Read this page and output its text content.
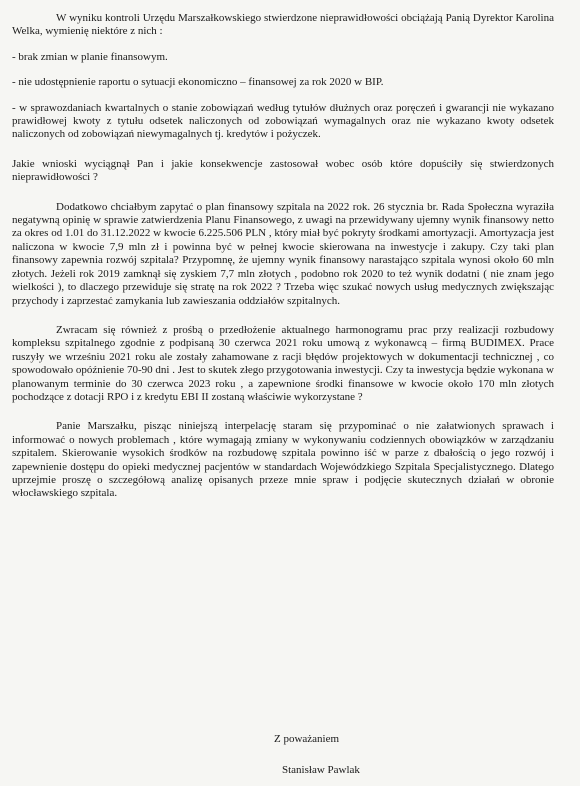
W wyniku kontroli Urzędu Marszałkowskiego stwierdzone nieprawidłowości obciążają Panią Dyrektor Karolina Welka, wymienię niektóre z nich :

- brak zmian w planie finansowym.

- nie udostępnienie raportu o sytuacji ekonomiczno – finansowej za rok 2020 w BIP.

- w sprawozdaniach kwartalnych o stanie zobowiązań według tytułów dłużnych oraz poręczeń i gwarancji nie wykazano prawidłowej kwoty z tytułu odsetek naliczonych od zobowiązań wymagalnych oraz nie wykazano kwoty odsetek naliczonych od zobowiązań niewymagalnych tj. kredytów i pożyczek.

Jakie wnioski wyciągnął Pan i jakie konsekwencje zastosował wobec osób które dopuściły się stwierdzonych nieprawidłowości ?

Dodatkowo chciałbym zapytać o plan finansowy szpitala na 2022 rok. 26 stycznia br. Rada Społeczna wyraziła negatywną opinię w sprawie zatwierdzenia Planu Finansowego, z uwagi na przewidywany ujemny wynik finansowy netto za okres od 1.01 do 31.12.2022 w kwocie 6.225.506 PLN , który miał być pokryty środkami amortyzacji. Amortyzacja jest naliczona w kwocie 7,9 mln zł i powinna być w pełnej kwocie skierowana na inwestycje i zakupy. Czy taki plan finansowy zapewnia rozwój szpitala? Przypomnę, że ujemny wynik finansowy narastająco szpitala wynosi około 60 mln złotych. Jeżeli rok 2019 zamknął się zyskiem 7,7 mln złotych , podobno rok 2020 to też wynik dodatni ( nie znam jego wielkości ), to dlaczego przewiduje się stratę na rok 2022 ? Trzeba więc szukać nowych usług medycznych zwiększając przychody i zaprzestać zamykania lub zawieszania oddziałów szpitalnych.

Zwracam się również z prośbą o przedłożenie aktualnego harmonogramu prac przy realizacji rozbudowy kompleksu szpitalnego zgodnie z podpisaną 30 czerwca 2021 roku umową z wykonawcą – firmą BUDIMEX. Prace ruszyły we wrześniu 2021 roku ale zostały zahamowane z racji błędów projektowych w dokumentacji technicznej , co spowodowało opóźnienie 70-90 dni . Jest to skutek złego przygotowania inwestycji. Czy ta inwestycja będzie wykonana w planowanym terminie do 30 czerwca 2023 roku , a zapewnione środki finansowe w kwocie około 170 mln złotych pochodzące z dotacji RPO i z kredytu EBI II zostaną właściwie wykorzystane ?

Panie Marszałku, pisząc niniejszą interpelację staram się przypominać o nie załatwionych sprawach i informować o nowych problemach , które wymagają zmiany w wykonywaniu codziennych obowiązków w zarządzaniu szpitalem. Skierowanie wysokich środków na rozbudowę szpitala powinno iść w parze z dbałością o jego rozwój i zapewnienie dostępu do opieki medycznej pacjentów w standardach Wojewódzkiego Szpitala Specjalistycznego. Dlatego uprzejmie proszę o szczegółową analizę opisanych przeze mnie spraw i podjęcie skutecznych działań w obronie włocławskiego szpitala.

Z poważaniem
Stanisław Pawlak
